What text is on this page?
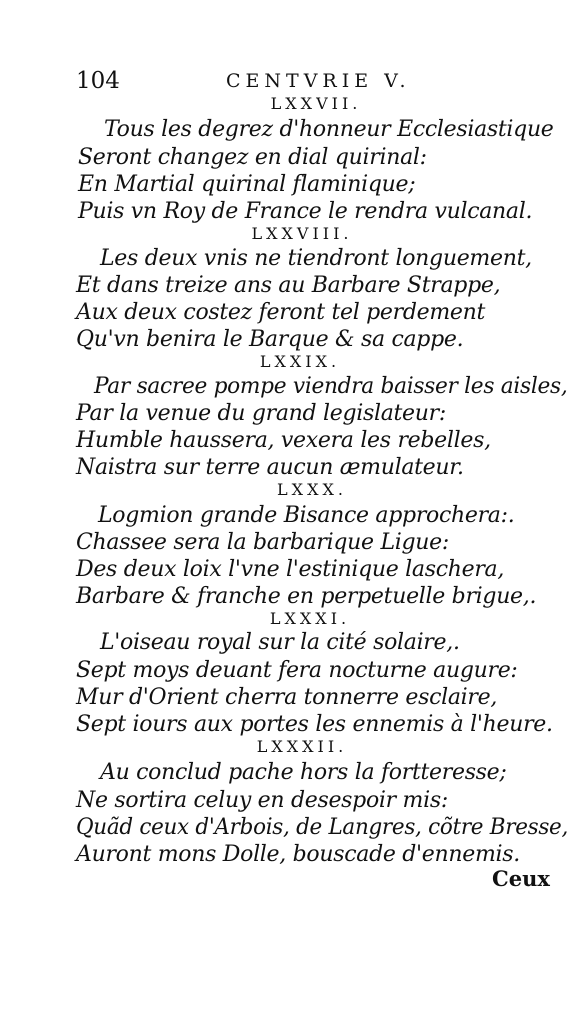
104	CENTVRIE V.
LXXVII.
Tous les degrez d'honneur Ecclesiastique
Seront changez en dial quirinal:
En Martial quirinal flaminique;
Puis vn Roy de France le rendra vulcanal.
LXXVIII.
Les deux vnis ne tiendront longuement,
Et dans treize ans au Barbare Strappe,
Aux deux costez feront tel perdement
Qu'vn benira le Barque & sa cappe.
LXXIX.
Par sacree pompe viendra baisser les aisles,
Par la venue du grand legislateur:
Humble haussera, vexera les rebelles,
Naistra sur terre aucun æmulateur.
LXXX.
Logmion grande Bisance approchera:.
Chassee sera la barbarique Ligue:
Des deux loix l'vne l'estinique laschera,
Barbare & franche en perpetuelle brigue,.
LXXXI.
L'oiseau royal sur la cité solaire,.
Sept moys deuant fera nocturne augure:
Mur d'Orient cherra tonnerre esclaire,
Sept iours aux portes les ennemis à l'heure.
LXXXII.
Au conclud pache hors la fortteresse;
Ne sortira celuy en desespoir mis:
Quãd ceux d'Arbois, de Langres, cõtre Bresse,
Auront mons Dolle, bouscade d'ennemis.
Ceux
